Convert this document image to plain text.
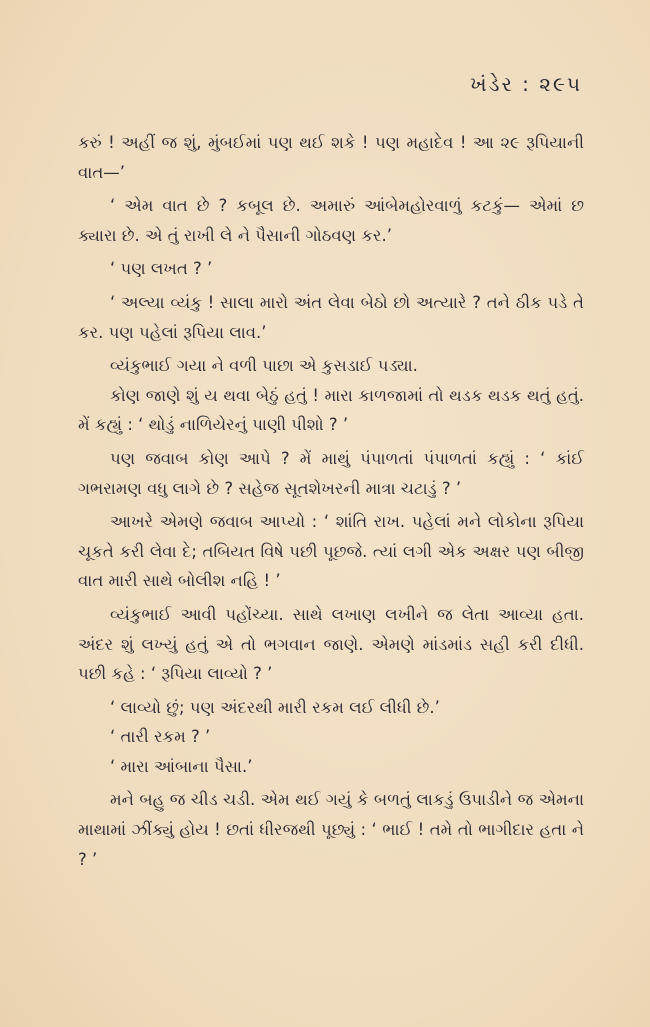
ખંડેર : ૨૯૫

કરું ! અહીં જ શું, મુંબઈમાં પણ થઈ શકે ! પણ મહાદેવ ! આ ૨૯ રૂપિયાની વાત—’

‘ એમ વાત છે ? કબૂલ છે. અમારું આંબેમહોરવાળું કટકું— એમાં છ ક્યારા છે. એ તું રાખી લે ને પૈસાની ગોઠવણ કર.’

‘ પણ લખત ? ’

‘ અલ્યા વ્યંકુ ! સાલા મારો અંત લેવા બેઠો છો અત્યારે ? તને ઠીક પડે તે કર. પણ પહેલાં રૂપિયા લાવ.’

વ્યંકુભાઈ ગયા ને વળી પાછા એ કુસડાઈ પડ્યા.

કોણ જાણે શું ય થવા બેઠું હતું ! મારા કાળજામાં તો થડક થડક થતું હતું. મેં કહ્યું : ‘ થોડું નાળિયેરનું પાણી પીશો ? ’

પણ જવાબ કોણ આપે ? મેં માથું પંપાળતાં પંપાળતાં કહ્યું : ‘ કાંઈ ગભરામણ વધુ લાગે છે ? સહેજ સૂતશેખરની માત્રા ચટાડું ? ’

આખરે એમણે જવાબ આપ્યો : ‘ શાંતિ રાખ. પહેલાં મને લોકોના રૂપિયા ચૂકતે કરી લેવા દે; તબિયત વિષે પછી પૂછજે. ત્યાં લગી એક અક્ષર પણ બીજી વાત મારી સાથે બોલીશ નહિ ! ’

વ્યંકુભાઈ આવી પહોંચ્યા. સાથે લખાણ લખીને જ લેતા આવ્યા હતા. અંદર શું લખ્યું હતું એ તો ભગવાન જાણે. એમણે માંડમાંડ સહી કરી દીધી. પછી કહે : ‘ રૂપિયા લાવ્યો ? ’

‘ લાવ્યો છું; પણ અંદરથી મારી રકમ લઈ લીધી છે.’

‘ તારી રકમ ? ’

‘ મારા આંબાના પૈસા.’

મને બહુ જ ચીડ ચડી. એમ થઈ ગયું કે બળતું લાકડું ઉપાડીને જ એમના માથામાં ઝીંક્યું હોય ! છતાં ધીરજથી પૂછ્યું : ‘ ભાઈ ! તમે તો ભાગીદાર હતા ને ? ’
